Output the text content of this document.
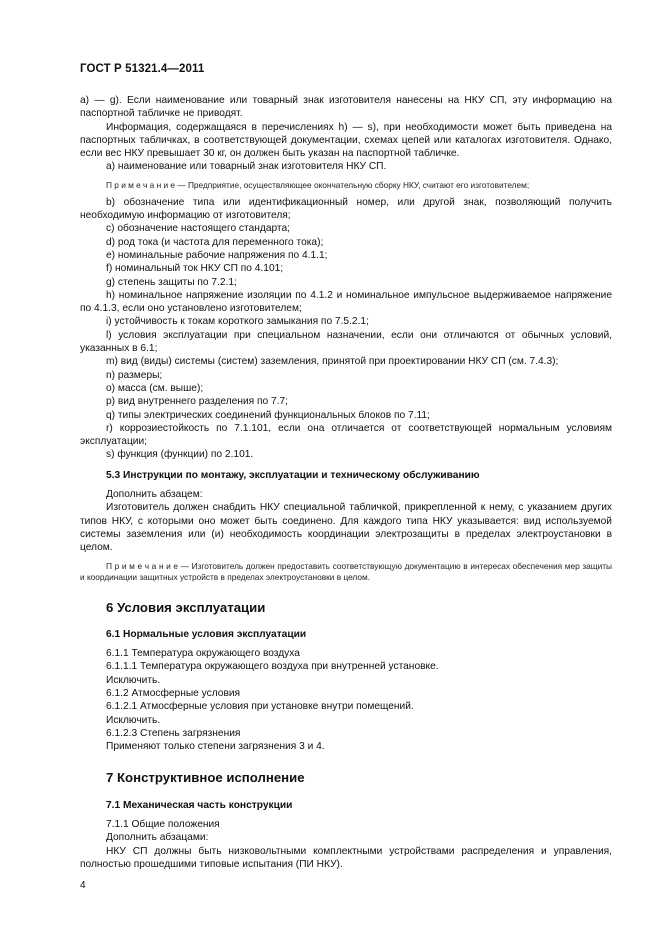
ГОСТ Р 51321.4—2011

a) — g). Если наименование или товарный знак изготовителя нанесены на НКУ СП, эту информацию на паспортной табличке не приводят.

Информация, содержащаяся в перечислениях h) — s), при необходимости может быть приведена на паспортных табличках, в соответствующей документации, схемах цепей или каталогах изготовителя. Однако, если вес НКУ превышает 30 кг, он должен быть указан на паспортной табличке.

a) наименование или товарный знак изготовителя НКУ СП.

П р и м е ч а н и е — Предприятие, осуществляющее окончательную сборку НКУ, считают его изготовителем;

b) обозначение типа или идентификационный номер, или другой знак, позволяющий получить необходимую информацию от изготовителя;

c) обозначение настоящего стандарта;

d) род тока (и частота для переменного тока);

e) номинальные рабочие напряжения по 4.1.1;

f) номинальный ток НКУ СП по 4.101;

g) степень защиты по 7.2.1;

h) номинальное напряжение изоляции по 4.1.2 и номинальное импульсное выдерживаемое напряжение по 4.1.3, если оно установлено изготовителем;

i) устойчивость к токам короткого замыкания по 7.5.2.1;

l) условия эксплуатации при специальном назначении, если они отличаются от обычных условий, указанных в 6.1;

m) вид (виды) системы (систем) заземления, принятой при проектировании НКУ СП (см. 7.4.3);

n) размеры;

o) масса (см. выше);

p) вид внутреннего разделения по 7.7;

q) типы электрических соединений функциональных блоков по 7.11;

r) коррозиестойкость по 7.1.101, если она отличается от соответствующей нормальным условиям эксплуатации;

s) функция (функции) по 2.101.

5.3 Инструкции по монтажу, эксплуатации и техническому обслуживанию

Дополнить абзацем:

Изготовитель должен снабдить НКУ специальной табличкой, прикрепленной к нему, с указанием других типов НКУ, с которыми оно может быть соединено. Для каждого типа НКУ указывается: вид используемой системы заземления или (и) необходимость координации электрозащиты в пределах электроустановки в целом.

П р и м е ч а н и е — Изготовитель должен предоставить соответствующую документацию в интересах обеспечения мер защиты и координации защитных устройств в пределах электроустановки в целом.

6 Условия эксплуатации

6.1 Нормальные условия эксплуатации

6.1.1 Температура окружающего воздуха

6.1.1.1 Температура окружающего воздуха при внутренней установке.

Исключить.

6.1.2 Атмосферные условия

6.1.2.1 Атмосферные условия при установке внутри помещений.

Исключить.

6.1.2.3 Степень загрязнения

Применяют только степени загрязнения 3 и 4.

7 Конструктивное исполнение

7.1 Механическая часть конструкции

7.1.1 Общие положения

Дополнить абзацами:

НКУ СП должны быть низковольтными комплектными устройствами распределения и управления, полностью прошедшими типовые испытания (ПИ НКУ).

4
